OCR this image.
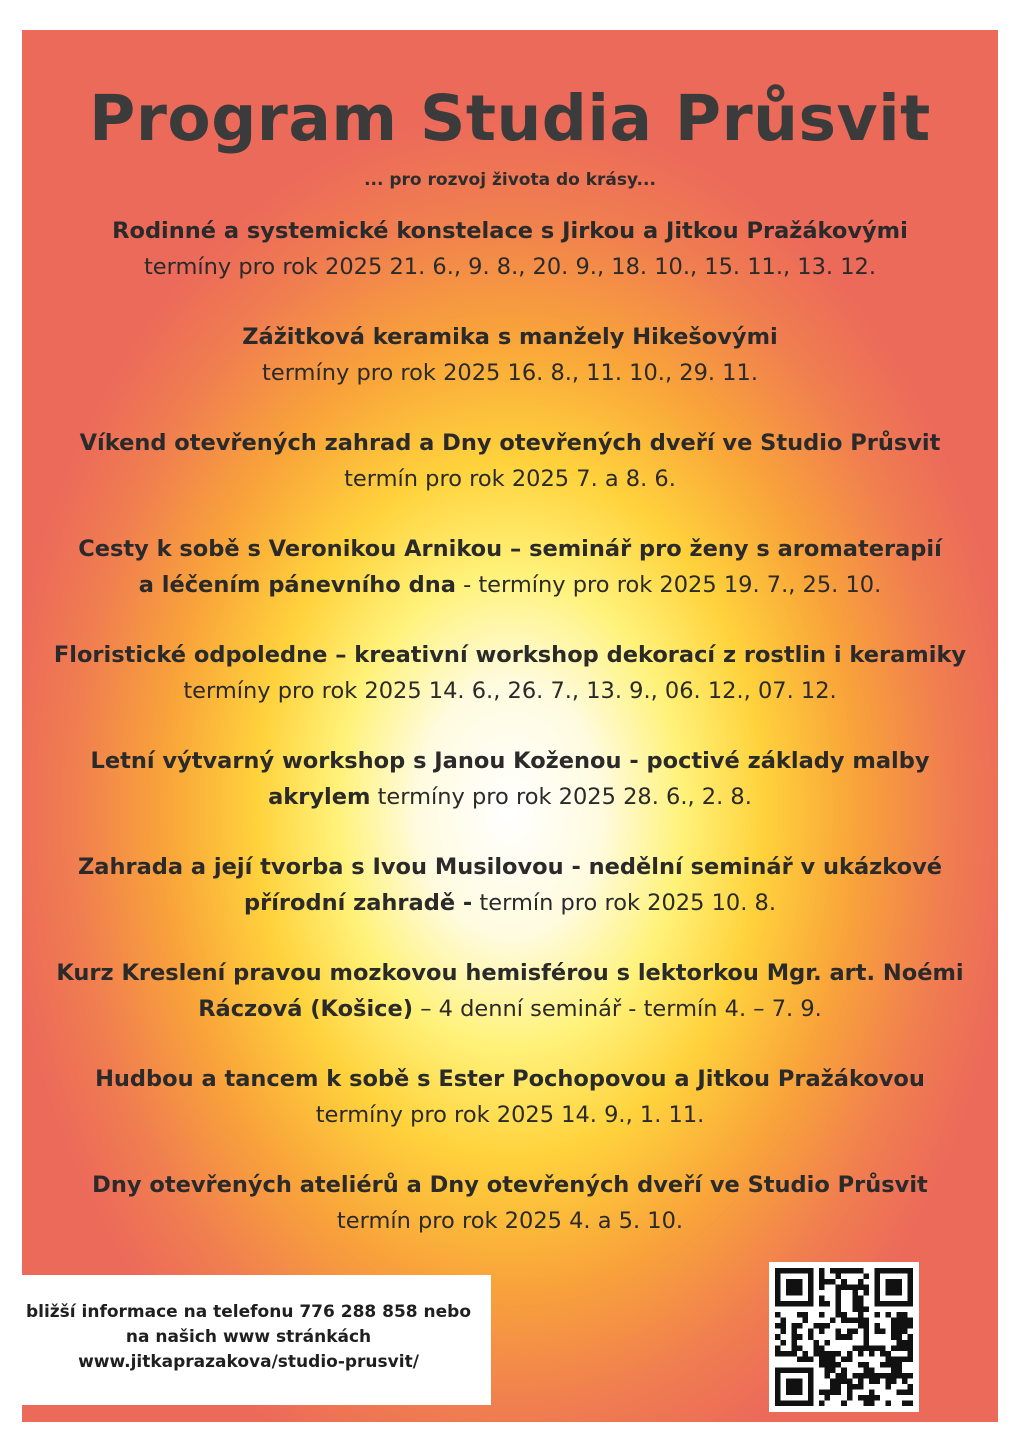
Program Studia Průsvit
... pro rozvoj života do krásy...
Rodinné a systemické konstelace s Jirkou a Jitkou Pražákovými
termíny pro rok 2025 21. 6., 9. 8., 20. 9., 18. 10., 15. 11., 13. 12.
Zážitková keramika s manžely Hikešovými
termíny pro rok 2025 16. 8., 11. 10., 29. 11.
Víkend otevřených zahrad a Dny otevřených dveří ve Studio Průsvit
termín pro rok 2025 7. a 8. 6.
Cesty k sobě s Veronikou Arnikou – seminář pro ženy s aromaterapií
a léčením pánevního dna - termíny pro rok 2025 19. 7., 25. 10.
Floristické odpoledne – kreativní workshop dekorací z rostlin i keramiky
termíny pro rok 2025 14. 6., 26. 7., 13. 9., 06. 12., 07. 12.
Letní výtvarný workshop s Janou Koženou - poctivé základy malby
akrylem termíny pro rok 2025 28. 6., 2. 8.
Zahrada a její tvorba s Ivou Musilovou - nedělní seminář v ukázkové
přírodní zahradě - termín pro rok 2025 10. 8.
Kurz Kreslení pravou mozkovou hemisférou s lektorkou Mgr. art. Noémi
Ráczová (Košice) – 4 denní seminář - termín 4. – 7. 9.
Hudbou a tancem k sobě s Ester Pochopovou a Jitkou Pražákovou
termíny pro rok 2025 14. 9., 1. 11.
Dny otevřených ateliérů a Dny otevřených dveří ve Studio Průsvit
termín pro rok 2025 4. a 5. 10.
bližší informace na telefonu 776 288 858 nebo
na našich www stránkách
www.jitkaprazakova/studio-prusvit/
